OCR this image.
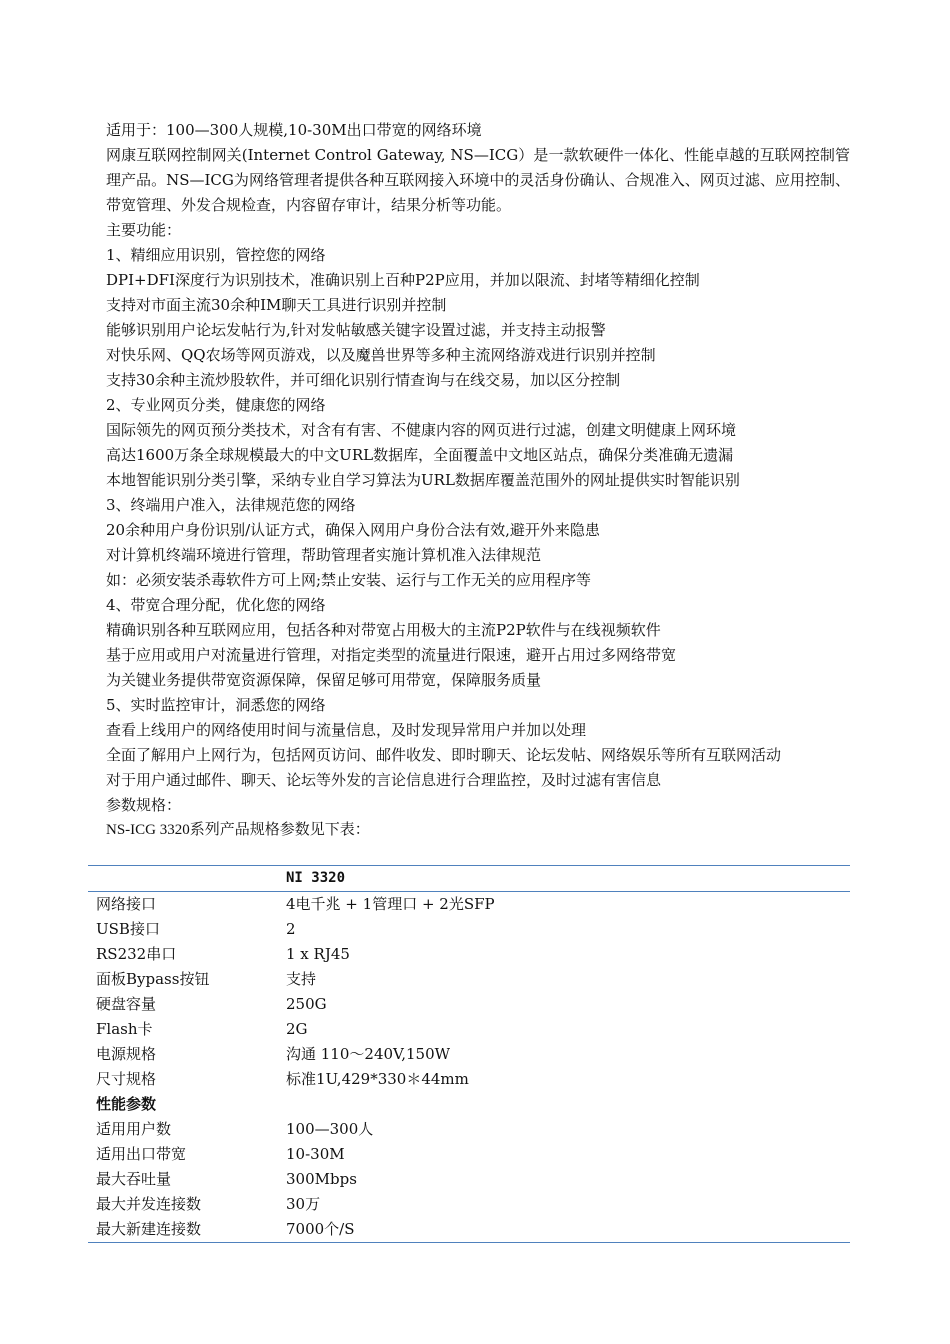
适用于：100—300人规模,10-30M出口带宽的网络环境
网康互联网控制网关(Internet Control Gateway, NS—ICG）是一款软硬件一体化、性能卓越的互联网控制管理产品。NS—ICG为网络管理者提供各种互联网接入环境中的灵活身份确认、合规准入、网页过滤、应用控制、带宽管理、外发合规检查，内容留存审计，结果分析等功能。
主要功能：
1、精细应用识别，管控您的网络
DPI+DFI深度行为识别技术，准确识别上百种P2P应用，并加以限流、封堵等精细化控制
支持对市面主流30余种IM聊天工具进行识别并控制
能够识别用户论坛发帖行为,针对发帖敏感关键字设置过滤，并支持主动报警
对快乐网、QQ农场等网页游戏，以及魔兽世界等多种主流网络游戏进行识别并控制
支持30余种主流炒股软件，并可细化识别行情查询与在线交易，加以区分控制
2、专业网页分类，健康您的网络
国际领先的网页预分类技术，对含有有害、不健康内容的网页进行过滤，创建文明健康上网环境
高达1600万条全球规模最大的中文URL数据库，全面覆盖中文地区站点，确保分类准确无遗漏
本地智能识别分类引擎，采纳专业自学习算法为URL数据库覆盖范围外的网址提供实时智能识别
3、终端用户准入，法律规范您的网络
20余种用户身份识别/认证方式，确保入网用户身份合法有效,避开外来隐患
对计算机终端环境进行管理，帮助管理者实施计算机准入法律规范
如：必须安装杀毒软件方可上网;禁止安装、运行与工作无关的应用程序等
4、带宽合理分配，优化您的网络
精确识别各种互联网应用，包括各种对带宽占用极大的主流P2P软件与在线视频软件
基于应用或用户对流量进行管理，对指定类型的流量进行限速，避开占用过多网络带宽
为关键业务提供带宽资源保障，保留足够可用带宽，保障服务质量
5、实时监控审计，洞悉您的网络
查看上线用户的网络使用时间与流量信息，及时发现异常用户并加以处理
全面了解用户上网行为，包括网页访问、邮件收发、即时聊天、论坛发帖、网络娱乐等所有互联网活动
对于用户通过邮件、聊天、论坛等外发的言论信息进行合理监控，及时过滤有害信息
参数规格：
NS-ICG 3320系列产品规格参数见下表：
	NI 3320
网络接口	4电千兆 + 1管理口 + 2光SFP
USB接口	2
RS232串口	1 x RJ45
面板Bypass按钮	支持
硬盘容量	250G
Flash卡	2G
电源规格	沟通 110～240V,150W
尺寸规格	标准1U,429*330＊44mm
性能参数	
适用用户数	100—300人
适用出口带宽	10-30M
最大吞吐量	300Mbps
最大并发连接数	30万
最大新建连接数	7000个/S
